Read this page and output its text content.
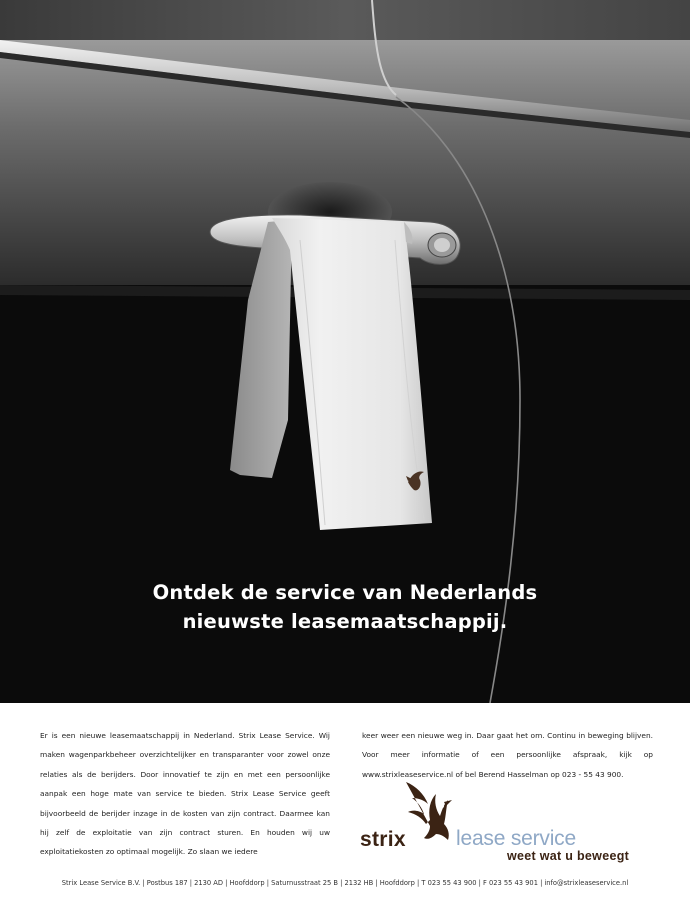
Ontdek de service van Nederlands
nieuwste leasemaatschappij.

Er is een nieuwe leasemaatschappij in Nederland. Strix Lease Service. Wij maken wagenparkbeheer overzichtelijker en transparanter voor zowel onze relaties als de berijders. Door innovatief te zijn en met een persoonlijke aanpak een hoge mate van service te bieden. Strix Lease Service geeft bijvoorbeeld de berijder inzage in de kosten van zijn contract. Daarmee kan hij zelf de exploitatie van zijn contract sturen. En houden wij uw exploitatiekosten zo optimaal mogelijk. Zo slaan we iedere

keer weer een nieuwe weg in. Daar gaat het om. Continu in beweging blijven. Voor meer informatie of een persoonlijke afspraak, kijk op www.strixleaseservice.nl of bel Berend Hasselman op 023 - 55 43 900.

strix lease service
weet wat u beweegt
Strix Lease Service B.V. | Postbus 187 | 2130 AD | Hoofddorp | Saturnusstraat 25 B | 2132 HB | Hoofddorp | T 023 55 43 900 | F 023 55 43 901 | info@strixleaseservice.nl
